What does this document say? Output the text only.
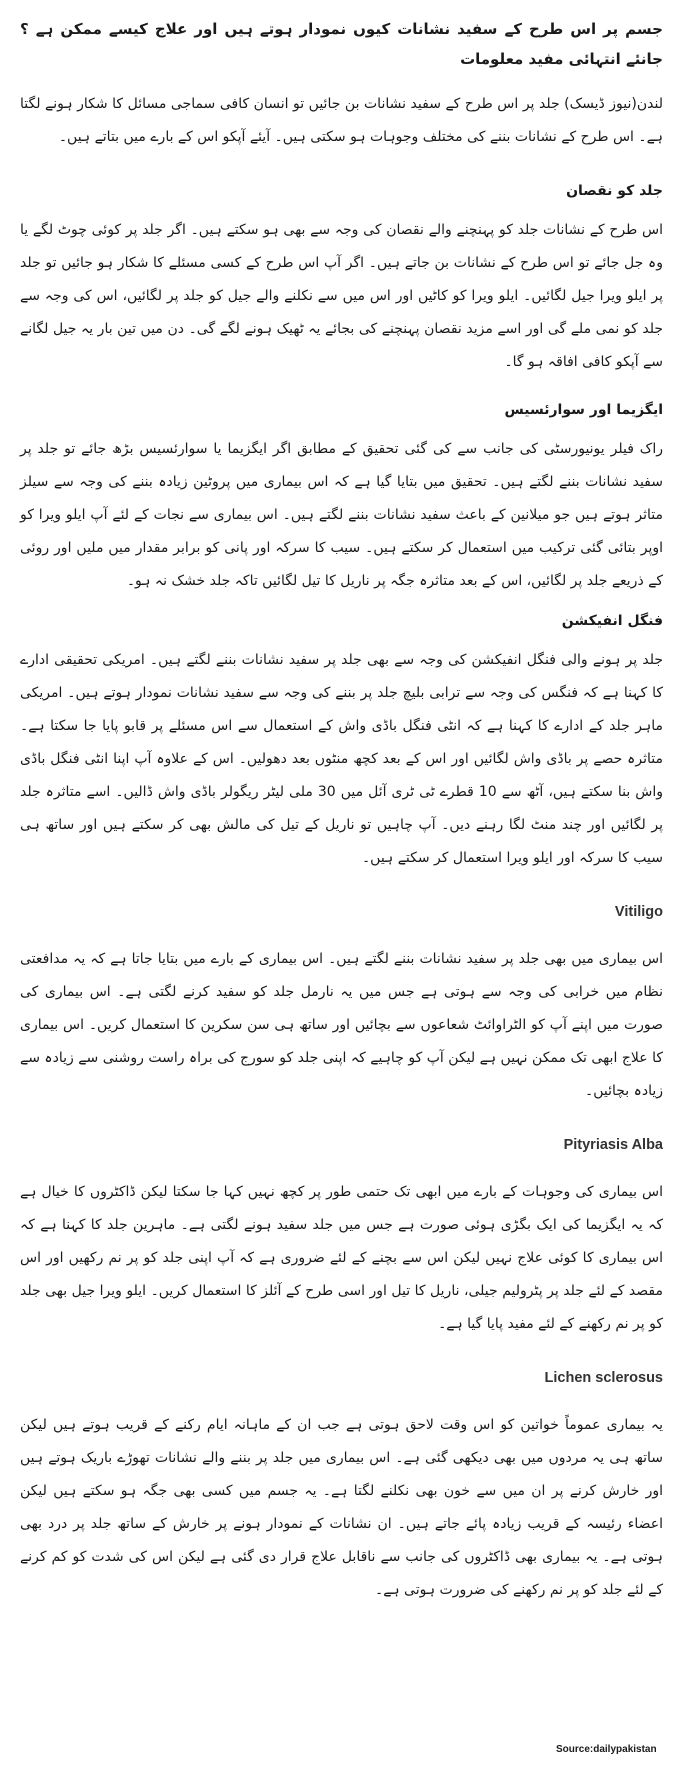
جسم پر اس طرح کے سفید نشانات کیوں نمودار ہوتے ہیں اور علاج کیسے ممکن ہے ؟ جانئے انتہائی مفید معلومات

لندن(نیوز ڈیسک) جلد پر اس طرح کے سفید نشانات بن جائیں تو انسان کافی سماجی مسائل کا شکار ہونے لگتا ہے۔ اس طرح کے نشانات بننے کی مختلف وجوہات ہو سکتی ہیں۔ آیئے آپکو اس کے بارے میں بتاتے ہیں۔

جلد کو نقصان

اس طرح کے نشانات جلد کو پہنچنے والے نقصان کی وجہ سے بھی ہو سکتے ہیں۔ اگر جلد پر کوئی چوٹ لگے یا وہ جل جائے تو اس طرح کے نشانات بن جاتے ہیں۔ اگر آپ اس طرح کے کسی مسئلے کا شکار ہو جائیں تو جلد پر ایلو ویرا جیل لگائیں۔ ایلو ویرا کو کاٹیں اور اس میں سے نکلنے والے جیل کو جلد پر لگائیں، اس کی وجہ سے جلد کو نمی ملے گی اور اسے مزید نقصان پہنچنے کی بجائے یہ ٹھیک ہونے لگے گی۔ دن میں تین بار یہ جیل لگانے سے آپکو کافی افاقہ ہو گا۔

ایگزیما اور سوارئسیس

راک فیلر یونیورسٹی کی جانب سے کی گئی تحقیق کے مطابق اگر ایگزیما یا سوارئسیس بڑھ جائے تو جلد پر سفید نشانات بننے لگتے ہیں۔ تحقیق میں بتایا گیا ہے کہ اس بیماری میں پروٹین زیادہ بننے کی وجہ سے سیلز متاثر ہوتے ہیں جو میلانین کے باعث سفید نشانات بننے لگتے ہیں۔ اس بیماری سے نجات کے لئے آپ ایلو ویرا کو اوپر بتائی گئی ترکیب میں استعمال کر سکتے ہیں۔ سیب کا سرکہ اور پانی کو برابر مقدار میں ملیں اور روئی کے ذریعے جلد پر لگائیں، اس کے بعد متاثرہ جگہ پر ناریل کا تیل لگائیں تاکہ جلد خشک نہ ہو۔

فنگل انفیکشن

جلد پر ہونے والی فنگل انفیکشن کی وجہ سے بھی جلد پر سفید نشانات بننے لگتے ہیں۔ امریکی تحقیقی ادارے کا کہنا ہے کہ فنگس کی وجہ سے ترابی بلیچ جلد پر بننے کی وجہ سے سفید نشانات نمودار ہوتے ہیں۔ امریکی ماہر جلد کے ادارے کا کہنا ہے کہ انٹی فنگل باڈی واش کے استعمال سے اس مسئلے پر قابو پایا جا سکتا ہے۔ متاثرہ حصے پر باڈی واش لگائیں اور اس کے بعد کچھ منٹوں بعد دھولیں۔ اس کے علاوہ آپ اپنا انٹی فنگل باڈی واش بنا سکتے ہیں، آٹھ سے 10 قطرے ٹی ٹری آئل میں 30 ملی لیٹر ریگولر باڈی واش ڈالیں۔ اسے متاثرہ جلد پر لگائیں اور چند منٹ لگا رہنے دیں۔ آپ چاہیں تو ناریل کے تیل کی مالش بھی کر سکتے ہیں اور ساتھ ہی سیب کا سرکہ اور ایلو ویرا استعمال کر سکتے ہیں۔

Vitiligo

اس بیماری میں بھی جلد پر سفید نشانات بننے لگتے ہیں۔ اس بیماری کے بارے میں بتایا جاتا ہے کہ یہ مدافعتی نظام میں خرابی کی وجہ سے ہوتی ہے جس میں یہ نارمل جلد کو سفید کرنے لگتی ہے۔ اس بیماری کی صورت میں اپنے آپ کو الٹراوائٹ شعاعوں سے بچائیں اور ساتھ ہی سن سکرین کا استعمال کریں۔ اس بیماری کا علاج ابھی تک ممکن نہیں ہے لیکن آپ کو چاہیے کہ اپنی جلد کو سورج کی براہ راست روشنی سے زیادہ سے زیادہ بچائیں۔

Pityriasis Alba

اس بیماری کی وجوہات کے بارے میں ابھی تک حتمی طور پر کچھ نہیں کہا جا سکتا لیکن ڈاکٹروں کا خیال ہے کہ یہ ایگزیما کی ایک بگڑی ہوئی صورت ہے جس میں جلد سفید ہونے لگتی ہے۔ ماہرین جلد کا کہنا ہے کہ اس بیماری کا کوئی علاج نہیں لیکن اس سے بچنے کے لئے ضروری ہے کہ آپ اپنی جلد کو پر نم رکھیں اور اس مقصد کے لئے جلد پر پٹرولیم جیلی، ناریل کا تیل اور اسی طرح کے آئلز کا استعمال کریں۔ ایلو ویرا جیل بھی جلد کو پر نم رکھنے کے لئے مفید پایا گیا ہے۔

Lichen sclerosus

یہ بیماری عموماً خواتین کو اس وقت لاحق ہوتی ہے جب ان کے ماہانہ ایام رکنے کے قریب ہوتے ہیں لیکن ساتھ ہی یہ مردوں میں بھی دیکھی گئی ہے۔ اس بیماری میں جلد پر بننے والے نشانات تھوڑے باریک ہوتے ہیں اور خارش کرنے پر ان میں سے خون بھی نکلنے لگتا ہے۔ یہ جسم میں کسی بھی جگہ ہو سکتے ہیں لیکن اعضاء رئیسہ کے قریب زیادہ پائے جاتے ہیں۔ ان نشانات کے نمودار ہونے پر خارش کے ساتھ جلد پر درد بھی ہوتی ہے۔ یہ بیماری بھی ڈاکٹروں کی جانب سے ناقابل علاج قرار دی گئی ہے لیکن اس کی شدت کو کم کرنے کے لئے جلد کو پر نم رکھنے کی ضرورت ہوتی ہے۔

Source:dailypakistan
